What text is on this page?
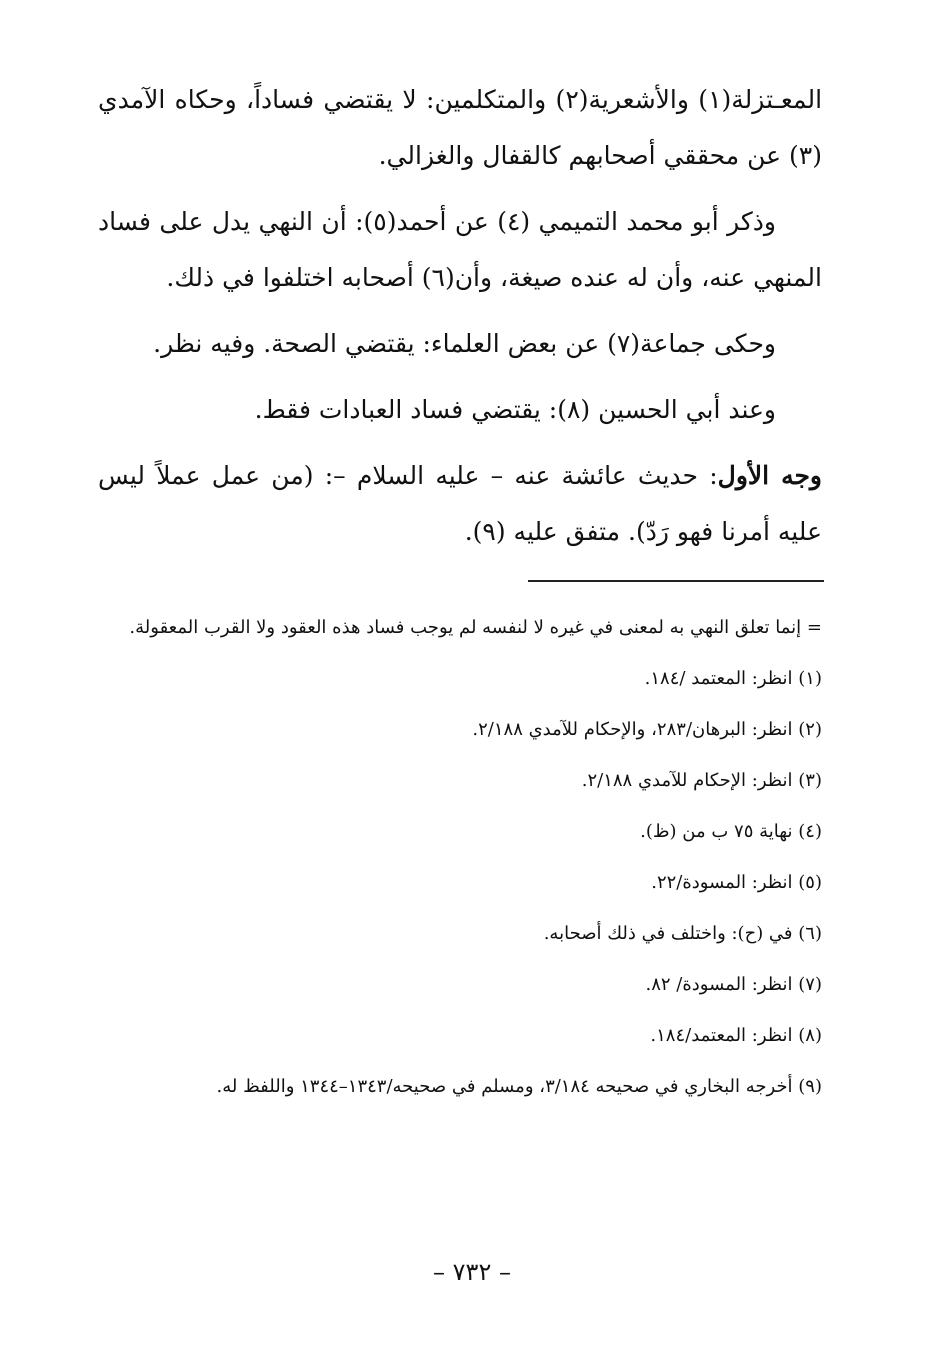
المعـتزلة(١) والأشعرية(٢) والمتكلمين: لا يقتضي فساداً، وحكاه الآمدي (٣) عن محققي أصحابهم كالقفال والغزالي.

وذكر أبو محمد التميمي (٤) عن أحمد(٥): أن النهي يدل على فساد المنهي عنه، وأن له عنده صيغة، وأن(٦) أصحابه اختلفوا في ذلك.

وحكى جماعة(٧) عن بعض العلماء: يقتضي الصحة. وفيه نظر.

وعند أبي الحسين (٨): يقتضي فساد العبادات فقط.

وجه الأول: حديث عائشة عنه – عليه السلام –: (من عمل عملاً ليس عليه أمرنا فهو رَدّ). متفق عليه (٩).

= إنما تعلق النهي به لمعنى في غيره لا لنفسه لم يوجب فساد هذه العقود ولا القرب المعقولة.

(١) انظر: المعتمد /١٨٤.

(٢) انظر: البرهان/٢٨٣، والإحكام للآمدي ٢/١٨٨.

(٣) انظر: الإحكام للآمدي ٢/١٨٨.

(٤) نهاية ٧٥ ب من (ظ).

(٥) انظر: المسودة/٢٢.

(٦) في (ح): واختلف في ذلك أصحابه.

(٧) انظر: المسودة/ ٨٢.

(٨) انظر: المعتمد/١٨٤.

(٩) أخرجه البخاري في صحيحه ٣/١٨٤، ومسلم في صحيحه/١٣٤٣–١٣٤٤ واللفظ له.

– ٧٣٢ –
